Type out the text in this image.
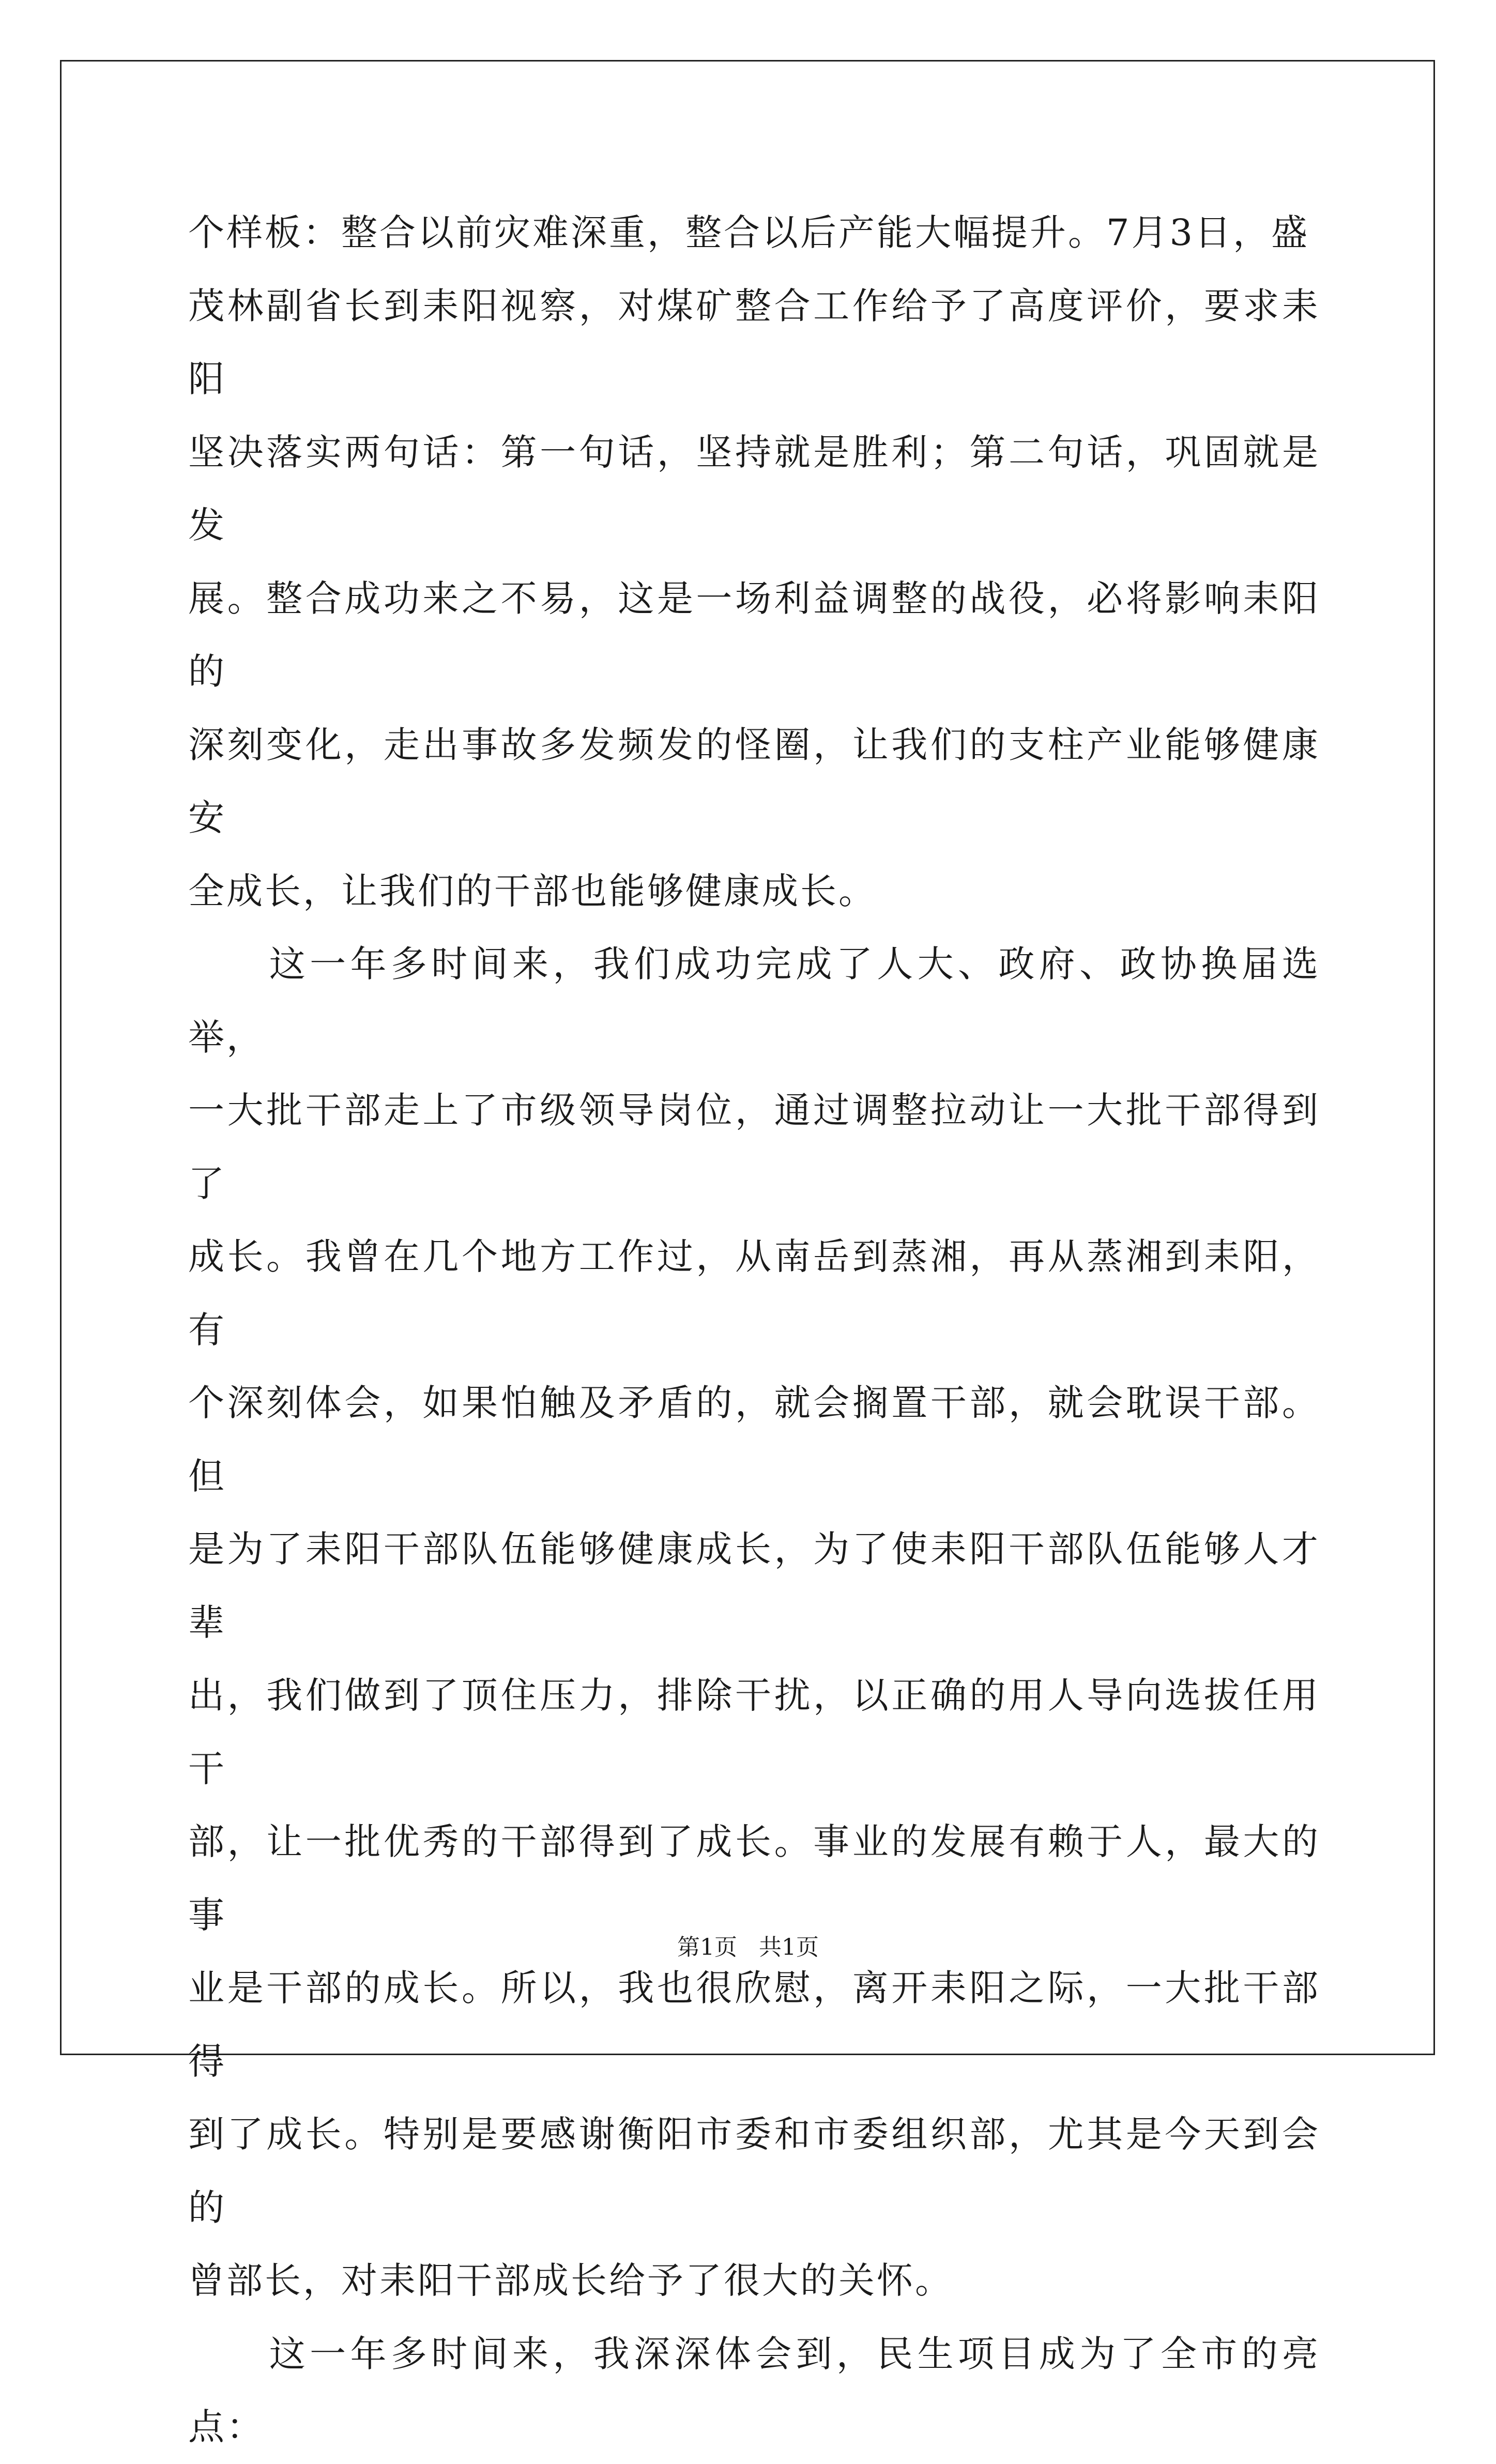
个样板：整合以前灾难深重，整合以后产能大幅提升。7月3日，盛
茂林副省长到耒阳视察，对煤矿整合工作给予了高度评价，要求耒阳
坚决落实两句话：第一句话，坚持就是胜利；第二句话，巩固就是发
展。整合成功来之不易，这是一场利益调整的战役，必将影响耒阳的
深刻变化，走出事故多发频发的怪圈，让我们的支柱产业能够健康安
全成长，让我们的干部也能够健康成长。
　　这一年多时间来，我们成功完成了人大、政府、政协换届选举，
一大批干部走上了市级领导岗位，通过调整拉动让一大批干部得到了
成长。我曾在几个地方工作过，从南岳到蒸湘，再从蒸湘到耒阳，有
个深刻体会，如果怕触及矛盾的，就会搁置干部，就会耽误干部。但
是为了耒阳干部队伍能够健康成长，为了使耒阳干部队伍能够人才辈
出，我们做到了顶住压力，排除干扰，以正确的用人导向选拔任用干
部，让一批优秀的干部得到了成长。事业的发展有赖于人，最大的事
业是干部的成长。所以，我也很欣慰，离开耒阳之际，一大批干部得
到了成长。特别是要感谢衡阳市委和市委组织部，尤其是今天到会的
曾部长，对耒阳干部成长给予了很大的关怀。
　　这一年多时间来，我深深体会到，民生项目成为了全市的亮点：
第1页 共1页
